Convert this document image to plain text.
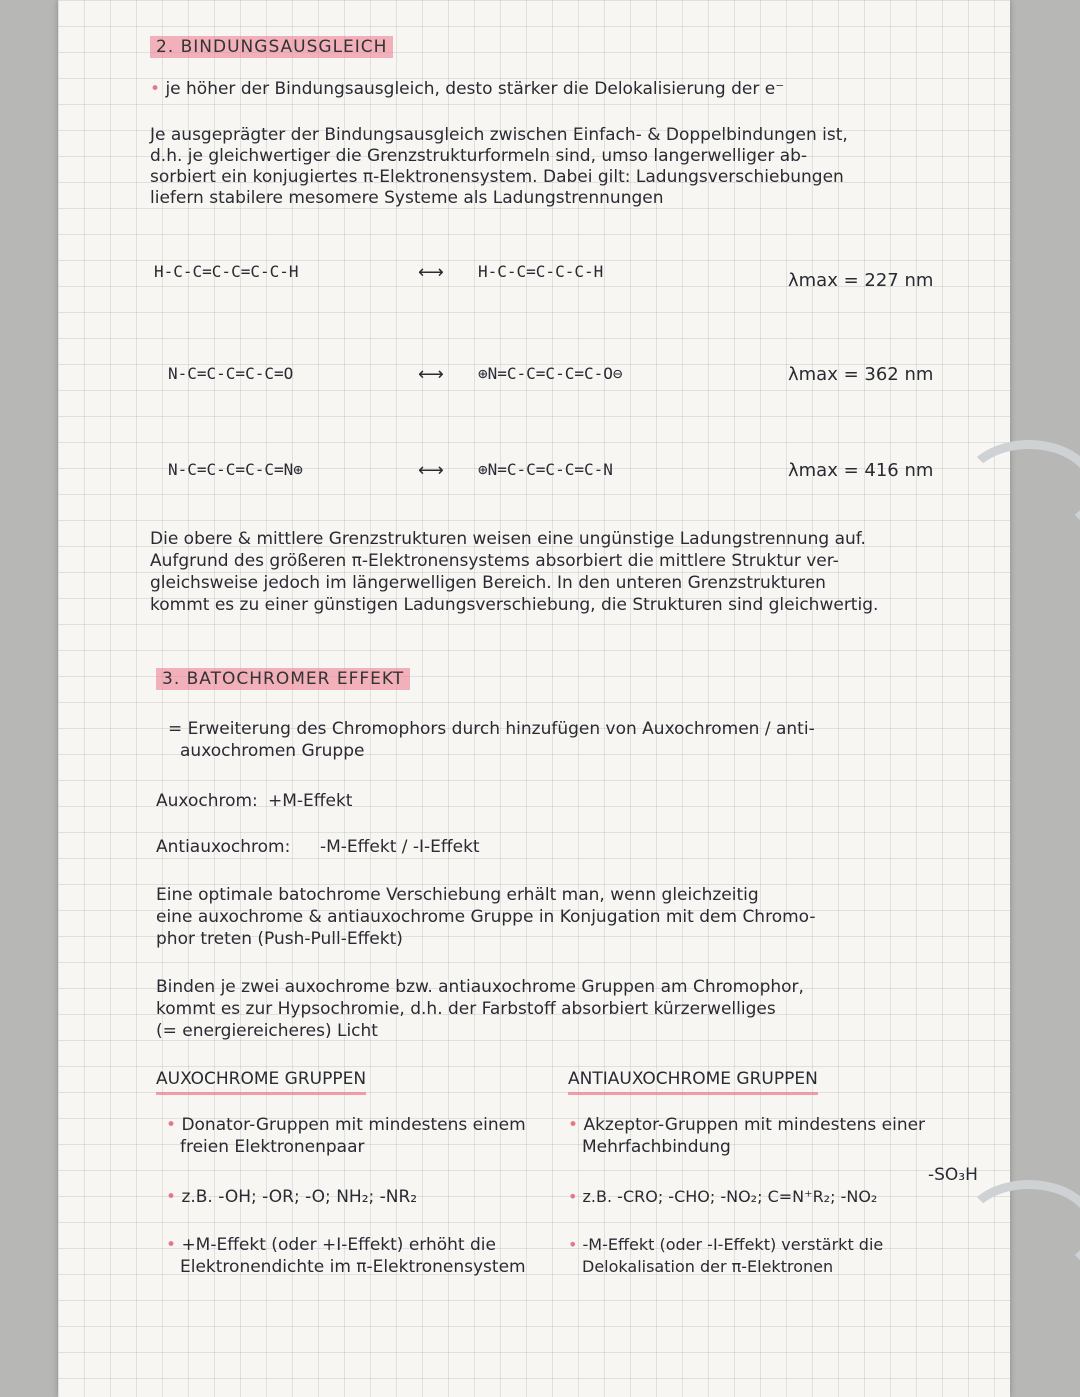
2. BINDUNGSAUSGLEICH
• je höher der Bindungsausgleich, desto stärker die Delokalisierung der e⁻
Je ausgeprägter der Bindungsausgleich zwischen Einfach- & Doppelbindungen ist,
d.h. je gleichwertiger die Grenzstrukturformeln sind, umso langerwelliger ab-
sorbiert ein konjugiertes π-Elektronensystem. Dabei gilt: Ladungsverschiebungen
liefern stabilere mesomere Systeme als Ladungstrennungen
H-C-C=C-C=C-C-H	⟷ H-C-C=C-C-C-H	λmax = 227 nm
N-C=C-C=C-C=O	⟷ ⊕N=C-C=C-C=C-O⊖	λmax = 362 nm
N-C=C-C=C-C=N⊕	⟷ ⊕N=C-C=C-C=C-N	λmax = 416 nm
Die obere & mittlere Grenzstrukturen weisen eine ungünstige Ladungstrennung auf.
Aufgrund des größeren π-Elektronensystems absorbiert die mittlere Struktur ver-
gleichsweise jedoch im längerwelligen Bereich. In den unteren Grenzstrukturen
kommt es zu einer günstigen Ladungsverschiebung, die Strukturen sind gleichwertig.
3. BATOCHROMER EFFEKT
= Erweiterung des Chromophors durch hinzufügen von Auxochromen / anti-
auxochromen Gruppe
Auxochrom: +M-Effekt
Antiauxochrom: -M-Effekt / -I-Effekt
Eine optimale batochrome Verschiebung erhält man, wenn gleichzeitig
eine auxochrome & antiauxochrome Gruppe in Konjugation mit dem Chromo-
phor treten (Push-Pull-Effekt)
Binden je zwei auxochrome bzw. antiauxochrome Gruppen am Chromophor,
kommt es zur Hypsochromie, d.h. der Farbstoff absorbiert kürzerwelliges
(= energiereicheres) Licht
AUXOCHROME GRUPPEN
• Donator-Gruppen mit mindestens einem
freien Elektronenpaar
• z.B. -OH; -OR; -O; NH₂; -NR₂
• +M-Effekt (oder +I-Effekt) erhöht die
Elektronendichte im π-Elektronensystem
ANTIAUXOCHROME GRUPPEN
• Akzeptor-Gruppen mit mindestens einer
Mehrfachbindung
-SO₃H
• z.B. -CRO; -CHO; -NO₂; C=N⁺R₂; -NO₂
• -M-Effekt (oder -I-Effekt) verstärkt die
Delokalisation der π-Elektronen
